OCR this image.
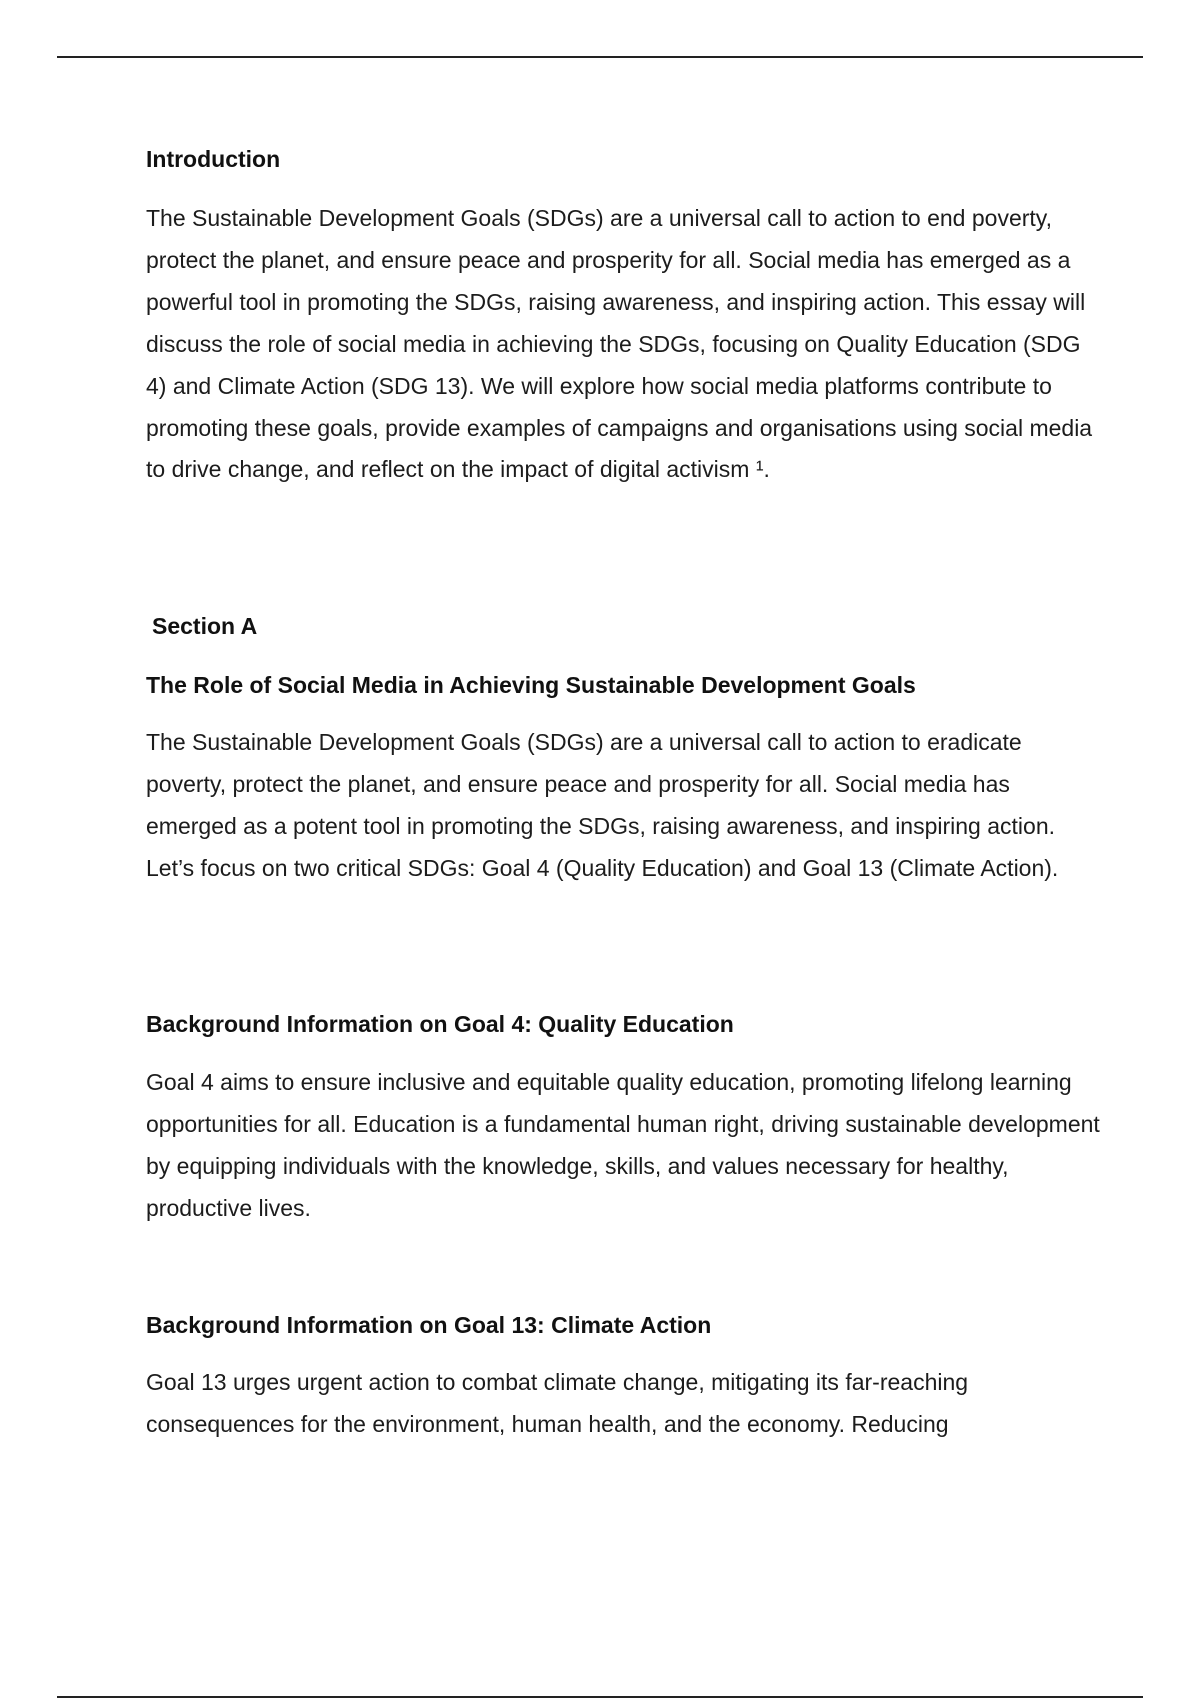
Introduction

The Sustainable Development Goals (SDGs) are a universal call to action to end poverty, protect the planet, and ensure peace and prosperity for all. Social media has emerged as a powerful tool in promoting the SDGs, raising awareness, and inspiring action. This essay will discuss the role of social media in achieving the SDGs, focusing on Quality Education (SDG 4) and Climate Action (SDG 13). We will explore how social media platforms contribute to promoting these goals, provide examples of campaigns and organisations using social media to drive change, and reflect on the impact of digital activism ¹.

Section A
The Role of Social Media in Achieving Sustainable Development Goals

The Sustainable Development Goals (SDGs) are a universal call to action to eradicate poverty, protect the planet, and ensure peace and prosperity for all. Social media has emerged as a potent tool in promoting the SDGs, raising awareness, and inspiring action. Let’s focus on two critical SDGs: Goal 4 (Quality Education) and Goal 13 (Climate Action).

Background Information on Goal 4: Quality Education

Goal 4 aims to ensure inclusive and equitable quality education, promoting lifelong learning opportunities for all. Education is a fundamental human right, driving sustainable development by equipping individuals with the knowledge, skills, and values necessary for healthy, productive lives.

Background Information on Goal 13: Climate Action

Goal 13 urges urgent action to combat climate change, mitigating its far-reaching consequences for the environment, human health, and the economy. Reducing
